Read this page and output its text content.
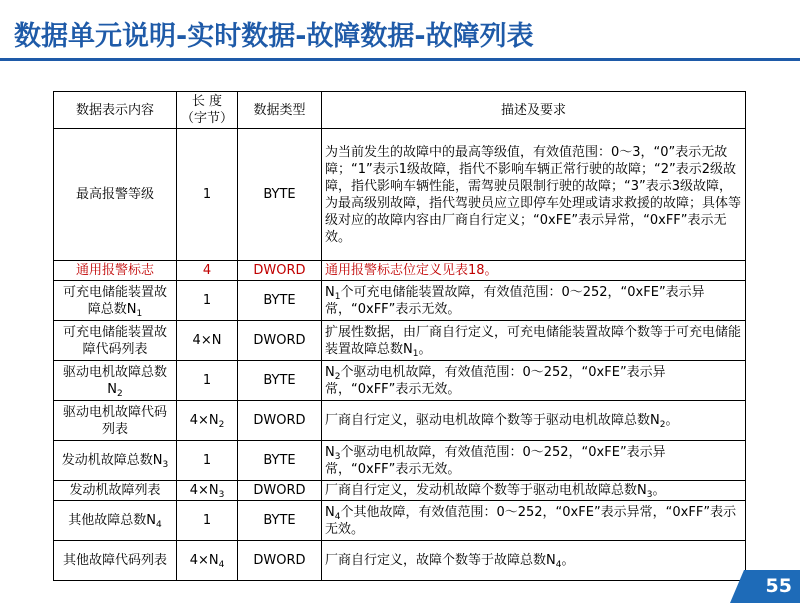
数据单元说明-实时数据-故障数据-故障列表
数据表示内容	长 度（字节）	数据类型	描述及要求
最高报警等级	1	BYTE	为当前发生的故障中的最高等级值，有效值范围：0～3，“0”表示无故障；“1”表示1级故障，指代不影响车辆正常行驶的故障；“2”表示2级故障，指代影响车辆性能，需驾驶员限制行驶的故障；“3”表示3级故障，为最高级别故障，指代驾驶员应立即停车处理或请求救援的故障；具体等级对应的故障内容由厂商自行定义；“0xFE”表示异常，“0xFF”表示无效。
通用报警标志	4	DWORD	通用报警标志位定义见表18。
可充电储能装置故障总数$N_1$	1	BYTE	$N_1$个可充电储能装置故障，有效值范围：0～252，“0xFE”表示异常，“0xFF”表示无效。
可充电储能装置故障代码列表	4×N	DWORD	扩展性数据，由厂商自行定义，可充电储能装置故障个数等于可充电储能装置故障总数$N_1$。
驱动电机故障总数$N_2$	1	BYTE	$N_2$个驱动电机故障，有效值范围：0～252，“0xFE”表示异常，“0xFF”表示无效。
驱动电机故障代码列表	$4\times N_2$	DWORD	厂商自行定义，驱动电机故障个数等于驱动电机故障总数$N_2$。
发动机故障总数$N_3$	1	BYTE	$N_3$个驱动电机故障，有效值范围：0～252，“0xFE”表示异常，“0xFF”表示无效。
发动机故障列表	$4\times N_3$	DWORD	厂商自行定义，发动机故障个数等于驱动电机故障总数$N_3$。
其他故障总数$N_4$	1	BYTE	$N_4$个其他故障，有效值范围：0～252，“0xFE”表示异常，“0xFF”表示无效。
其他故障代码列表	$4\times N_4$	DWORD	厂商自行定义，故障个数等于故障总数$N_4$。
55
